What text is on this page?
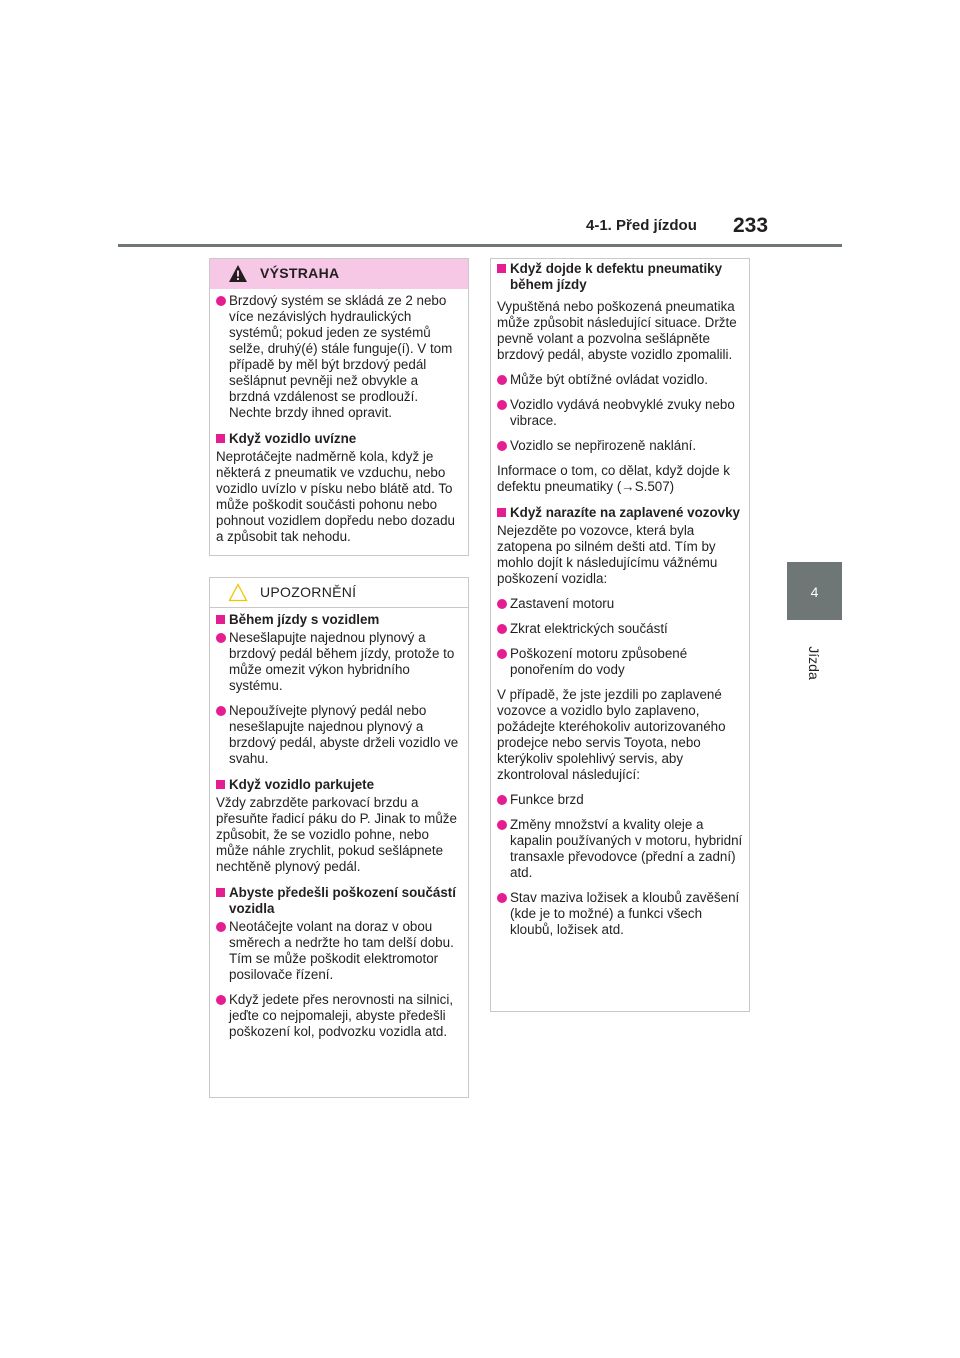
4-1. Před jízdou 233
4
Jízda
VÝSTRAHA
Brzdový systém se skládá ze 2 nebo více nezávislých hydraulických systémů; pokud jeden ze systémů selže, druhý(é) stále funguje(í). V tom případě by měl být brzdový pedál sešlápnut pevněji než obvykle a brzdná vzdálenost se prodlouží. Nechte brzdy ihned opravit.
Když vozidlo uvízne
Neprotáčejte nadměrně kola, když je některá z pneumatik ve vzduchu, nebo vozidlo uvízlo v písku nebo blátě atd. To může poškodit součásti pohonu nebo pohnout vozidlem dopředu nebo dozadu a způsobit tak nehodu.
UPOZORNĚNÍ
Během jízdy s vozidlem
Nesešlapujte najednou plynový a brzdový pedál během jízdy, protože to může omezit výkon hybridního systému.
Nepoužívejte plynový pedál nebo nesešlapujte najednou plynový a brzdový pedál, abyste drželi vozidlo ve svahu.
Když vozidlo parkujete
Vždy zabrzděte parkovací brzdu a přesuňte řadicí páku do P. Jinak to může způsobit, že se vozidlo pohne, nebo může náhle zrychlit, pokud sešlápnete nechtěně plynový pedál.
Abyste předešli poškození součástí vozidla
Neotáčejte volant na doraz v obou směrech a nedržte ho tam delší dobu.
Tím se může poškodit elektromotor posilovače řízení.
Když jedete přes nerovnosti na silnici, jeďte co nejpomaleji, abyste předešli poškození kol, podvozku vozidla atd.
Když dojde k defektu pneumatiky během jízdy
Vypuštěná nebo poškozená pneumatika může způsobit následující situace. Držte pevně volant a pozvolna sešlápněte brzdový pedál, abyste vozidlo zpomalili.
Může být obtížné ovládat vozidlo.
Vozidlo vydává neobvyklé zvuky nebo vibrace.
Vozidlo se nepřirozeně naklání.
Informace o tom, co dělat, když dojde k defektu pneumatiky (→S.507)
Když narazíte na zaplavené vozovky
Nejezděte po vozovce, která byla zatopena po silném dešti atd. Tím by mohlo dojít k následujícímu vážnému poškození vozidla:
Zastavení motoru
Zkrat elektrických součástí
Poškození motoru způsobené ponořením do vody
V případě, že jste jezdili po zaplavené vozovce a vozidlo bylo zaplaveno, požádejte kteréhokoliv autorizovaného prodejce nebo servis Toyota, nebo kterýkoliv spolehlivý servis, aby zkontroloval následující:
Funkce brzd
Změny množství a kvality oleje a kapalin používaných v motoru, hybridní transaxle převodovce (přední a zadní) atd.
Stav maziva ložisek a kloubů zavěšení (kde je to možné) a funkci všech kloubů, ložisek atd.
